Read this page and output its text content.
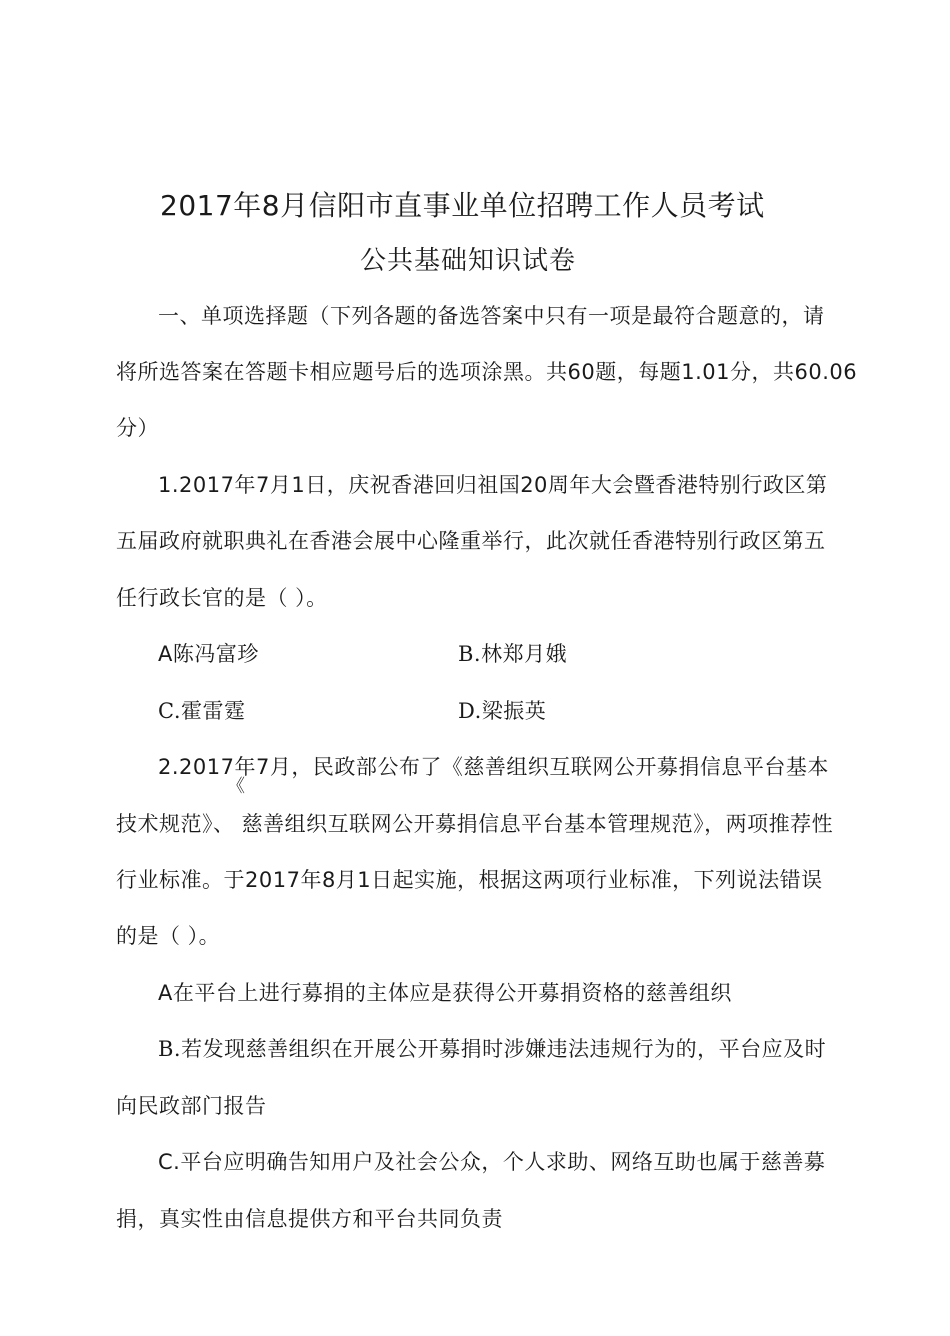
2017年8月信阳市直事业单位招聘工作人员考试
公共基础知识试卷
一、单项选择题（下列各题的备选答案中只有一项是最符合题意的，请
将所选答案在答题卡相应题号后的选项涂黑。共60题，每题1.01分，共60.06
分）
1.2017年7月1日，庆祝香港回归祖国20周年大会暨香港特别行政区第
五届政府就职典礼在香港会展中心隆重举行，此次就任香港特别行政区第五
任行政长官的是（ ）。
A陈冯富珍	B.林郑月娥
C.霍雷霆	D.梁振英
2.2017年7月，民政部公布了《慈善组织互联网公开募捐信息平台基本
《
技术规范》、 慈善组织互联网公开募捐信息平台基本管理规范》，两项推荐性
行业标准。于2017年8月1日起实施，根据这两项行业标准，下列说法错误
的是（ ）。
A在平台上进行募捐的主体应是获得公开募捐资格的慈善组织
B.若发现慈善组织在开展公开募捐时涉嫌违法违规行为的，平台应及时
向民政部门报告
C.平台应明确告知用户及社会公众，个人求助、网络互助也属于慈善募
捐，真实性由信息提供方和平台共同负责
